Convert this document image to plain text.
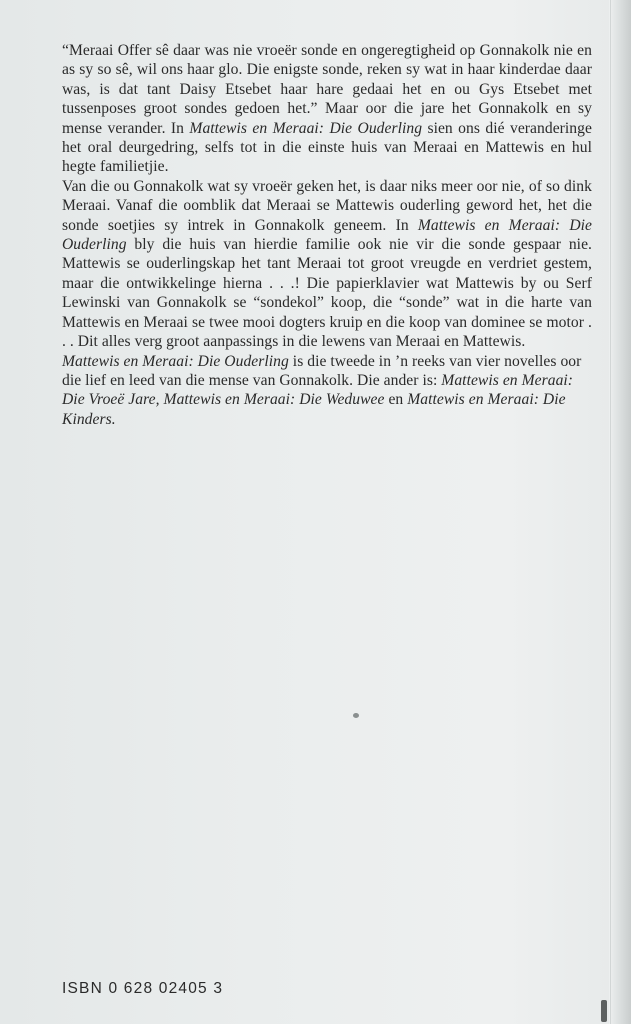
“Meraai Offer sê daar was nie vroeër sonde en ongeregtigheid op Gonnakolk nie en as sy so sê, wil ons haar glo. Die enigste sonde, reken sy wat in haar kinderdae daar was, is dat tant Daisy Etsebet haar hare gedaai het en ou Gys Etsebet met tussenposes groot sondes gedoen het.” Maar oor die jare het Gonnakolk en sy mense verander. In Mattewis en Meraai: Die Ouderling sien ons dié veranderinge het oral deurgedring, selfs tot in die einste huis van Meraai en Mattewis en hul hegte familietjie.

Van die ou Gonnakolk wat sy vroeër geken het, is daar niks meer oor nie, of so dink Meraai. Vanaf die oomblik dat Meraai se Mattewis ouderling geword het, het die sonde soetjies sy intrek in Gonnakolk geneem. In Mattewis en Meraai: Die Ouderling bly die huis van hierdie familie ook nie vir die sonde gespaar nie. Mattewis se ouderlingskap het tant Meraai tot groot vreugde en verdriet gestem, maar die ontwikkelinge hierna . . .! Die papierklavier wat Mattewis by ou Serf Lewinski van Gonnakolk se “sondekol” koop, die “sonde” wat in die harte van Mattewis en Meraai se twee mooi dogters kruip en die koop van dominee se motor . . . Dit alles verg groot aanpassings in die lewens van Meraai en Mattewis.

Mattewis en Meraai: Die Ouderling is die tweede in ’n reeks van vier novelles oor die lief en leed van die mense van Gonnakolk. Die ander is: Mattewis en Meraai: Die Vroeë Jare, Mattewis en Meraai: Die Weduwee en Mattewis en Meraai: Die Kinders.

ISBN 0 628 02405 3
